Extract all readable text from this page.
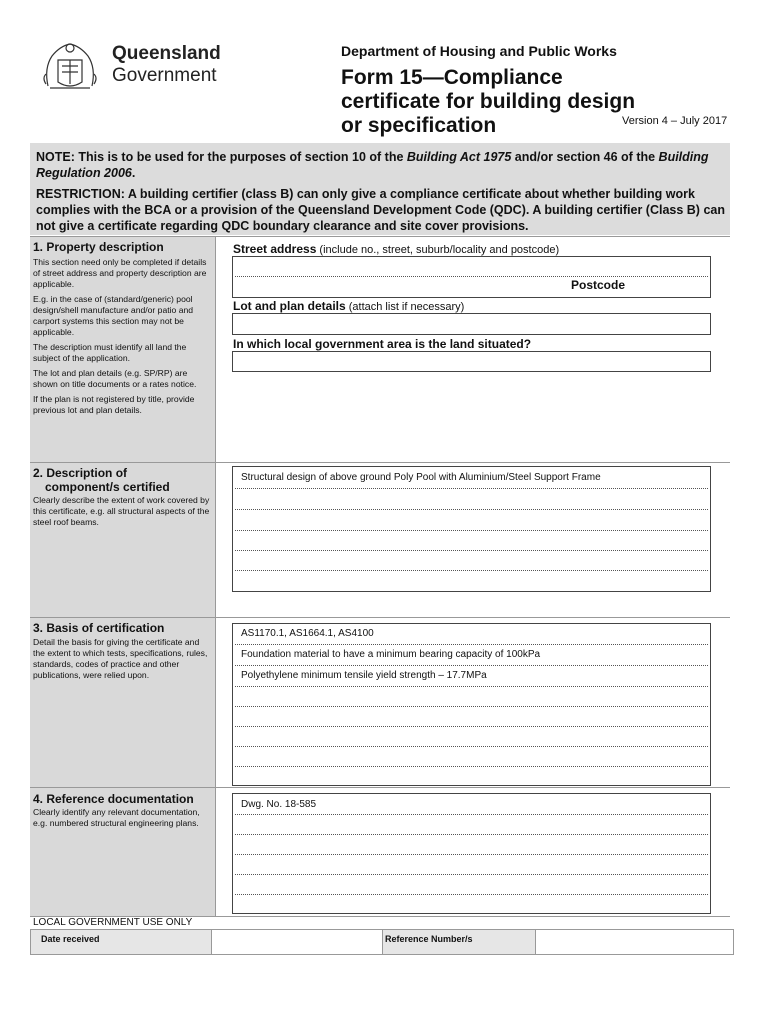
Queensland
Government
Department of Housing and Public Works
Form 15—Compliance certificate for building design or specification	Version 4 – July 2017
NOTE: This is to be used for the purposes of section 10 of the Building Act 1975 and/or section 46 of the Building Regulation 2006.
RESTRICTION: A building certifier (class B) can only give a compliance certificate about whether building work complies with the BCA or a provision of the Queensland Development Code (QDC). A building certifier (Class B) can not give a certificate regarding QDC boundary clearance and site cover provisions.
1. Property description

This section need only be completed if details of street address and property description are applicable.

E.g. in the case of (standard/generic) pool design/shell manufacture and/or patio and carport systems this section may not be applicable.

The description must identify all land the subject of the application.

The lot and plan details (e.g. SP/RP) are shown on title documents or a rates notice.

If the plan is not registered by title, provide previous lot and plan details.

Street address (include no., street, suburb/locality and postcode)
Postcode
Lot and plan details (attach list if necessary)
In which local government area is the land situated?
2. Description of
component/s certified
Clearly describe the extent of work covered by this certificate, e.g. all structural aspects of the steel roof beams.
Structural design of above ground Poly Pool with Aluminium/Steel Support Frame
3. Basis of certification
Detail the basis for giving the certificate and the extent to which tests, specifications, rules, standards, codes of practice and other publications, were relied upon.
AS1170.1, AS1664.1, AS4100
Foundation material to have a minimum bearing capacity of 100kPa
Polyethylene minimum tensile yield strength – 17.7MPa
4. Reference documentation
Clearly identify any relevant documentation, e.g. numbered structural engineering plans.
Dwg. No. 18-585
LOCAL GOVERNMENT USE ONLY
Date received	Reference Number/s
